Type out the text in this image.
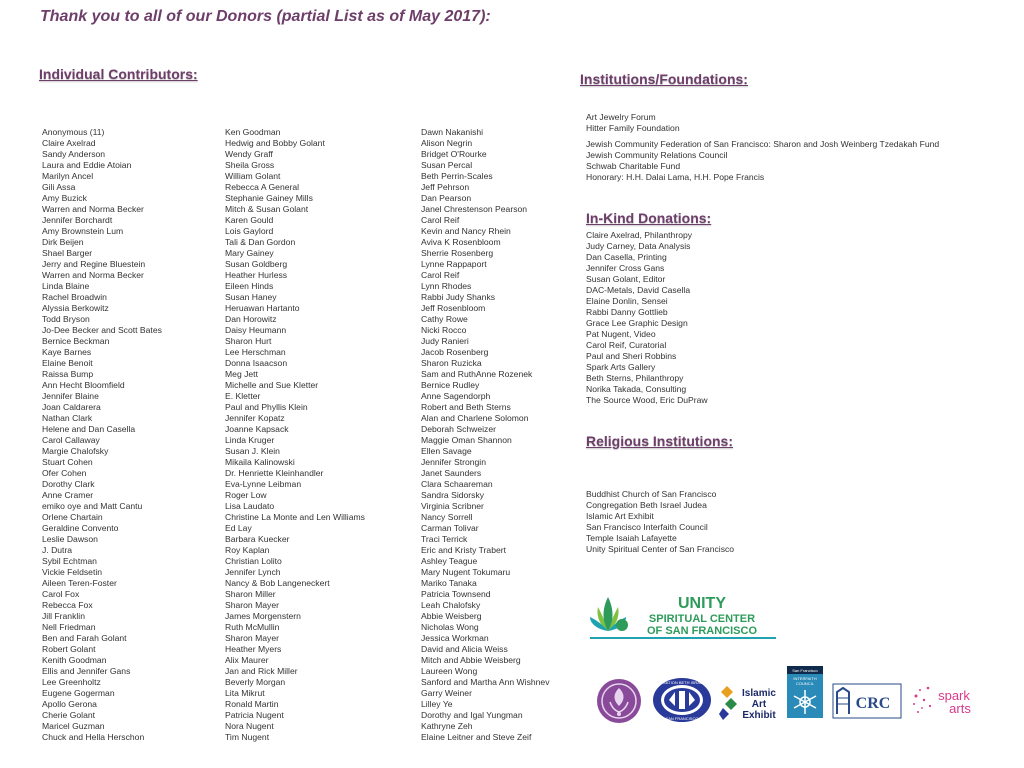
Thank you to all of our Donors (partial List as of May 2017):
Individual Contributors:
Anonymous (11)
Claire Axelrad
Sandy Anderson
Laura and Eddie Atoian
Marilyn Ancel
Gili Assa
Amy Buzick
Warren and Norma Becker
Jennifer Borchardt
Amy Brownstein Lum
Dirk Beijen
Shael Barger
Jerry and Regine Bluestein
Warren and Norma Becker
Linda Blaine
Rachel Broadwin
Alyssia Berkowitz
Todd Bryson
Jo-Dee Becker and Scott Bates
Bernice Beckman
Kaye Barnes
Elaine Benoit
Raissa Bump
Ann Hecht Bloomfield
Jennifer Blaine
Joan Caldarera
Nathan Clark
Helene and Dan Casella
Carol Callaway
Margie Chalofsky
Stuart Cohen
Ofer Cohen
Dorothy Clark
Anne Cramer
emiko oye and Matt Cantu
Orlene Chartain
Geraldine Convento
Leslie Dawson
J. Dutra
Sybil Echtman
Vickie Feldsetin
Aileen Teren-Foster
Carol Fox
Rebecca Fox
Jill Franklin
Nell Friedman
Ben and Farah Golant
Robert Golant
Kenith Goodman
Ellis and Jennifer Gans
Lee Greenholtz
Eugene Gogerman
Apollo Gerona
Cherie Golant
Maricel Guzman
Chuck and Hella Herschon
Ken Goodman
Hedwig and Bobby Golant
Wendy Graff
Sheila Gross
William Golant
Rebecca A General
Stephanie Gainey Mills
Mitch & Susan Golant
Karen Gould
Lois Gaylord
Tali & Dan Gordon
Mary Gainey
Susan Goldberg
Heather Hurless
Eileen Hinds
Susan Haney
Heruawan Hartanto
Dan Horowitz
Daisy Heumann
Sharon Hurt
Lee Herschman
Donna Isaacson
Meg Jett
Michelle and Sue Kletter
E. Kletter
Paul and Phyllis Klein
Jennifer Kopatz
Joanne Kapsack
Linda Kruger
Susan J. Klein
Mikaila Kalinowski
Dr. Henriette Kleinhandler
Eva-Lynne Leibman
Roger Low
Lisa Laudato
Christine La Monte and Len Williams
Ed Lay
Barbara Kuecker
Roy Kaplan
Christian Lolito
Jennifer Lynch
Nancy & Bob Langeneckert
Sharon Miller
Sharon Mayer
James Morgenstern
Ruth McMullin
Sharon Mayer
Heather Myers
Alix Maurer
Jan and Rick Miller
Beverly Morgan
Lita Mikrut
Ronald Martin
Patricia Nugent
Nora Nugent
Tim Nugent
Dawn Nakanishi
Alison Negrin
Bridget O'Rourke
Susan Percal
Beth Perrin-Scales
Jeff Pehrson
Dan Pearson
Janel Chrestenson Pearson
Carol Reif
Kevin and Nancy Rhein
Aviva K Rosenbloom
Sherrie Rosenberg
Lynne Rappaport
Carol Reif
Lynn Rhodes
Rabbi Judy Shanks
Jeff Rosenbloom
Cathy Rowe
Nicki Rocco
Judy Ranieri
Jacob Rosenberg
Sharon Ruzicka
Sam and RuthAnne Rozenek
Bernice Rudley
Anne Sagendorph
Robert and Beth Sterns
Alan and Charlene Solomon
Deborah Schweizer
Maggie Oman Shannon
Ellen Savage
Jennifer Strongin
Janet Saunders
Clara Schaareman
Sandra Sidorsky
Virginia Scribner
Nancy Sorrell
Carman Tolivar
Traci Terrick
Eric and Kristy Trabert
Ashley Teague
Mary Nugent Tokumaru
Mariko Tanaka
Patricia Townsend
Leah Chalofsky
Abbie Weisberg
Nicholas Wong
Jessica Workman
David and Alicia Weiss
Mitch and Abbie Weisberg
Laureen Wong
Sanford and Martha Ann Wishnev
Garry Weiner
Lilley Ye
Dorothy and Igal Yungman
Kathryne Zeh
Elaine Leitner and Steve Zeif
Institutions/Foundations:
Art Jewelry Forum
Hitter Family Foundation
Jewish Community Federation of San Francisco: Sharon and Josh Weinberg Tzedakah Fund
Jewish Community Relations Council
Schwab Charitable Fund
Honorary: H.H. Dalai Lama, H.H. Pope Francis
In-Kind Donations:
Claire Axelrad, Philanthropy
Judy Carney, Data Analysis
Dan Casella, Printing
Jennifer Cross Gans
Susan Golant, Editor
DAC-Metals, David Casella
Elaine Donlin, Sensei
Rabbi Danny Gottlieb
Grace Lee Graphic Design
Pat Nugent, Video
Carol Reif, Curatorial
Paul and Sheri Robbins
Spark Arts Gallery
Beth Sterns, Philanthropy
Norika Takada, Consulting
The Source Wood, Eric DuPraw
Religious Institutions:
Buddhist Church of San Francisco
Congregation Beth Israel Judea
Islamic Art Exhibit
San Francisco Interfaith Council
Temple Isaiah Lafayette
Unity Spiritual Center of San Francisco
UNITY
SPIRITUAL CENTER
OF SAN FRANCISCO
CONGREGATION BETH ISRAEL JUDEA
SAN FRANCISCO
Islamic
Art
Exhibit
San Francisco
INTERFAITH
COUNCIL
CRC	spark
arts
